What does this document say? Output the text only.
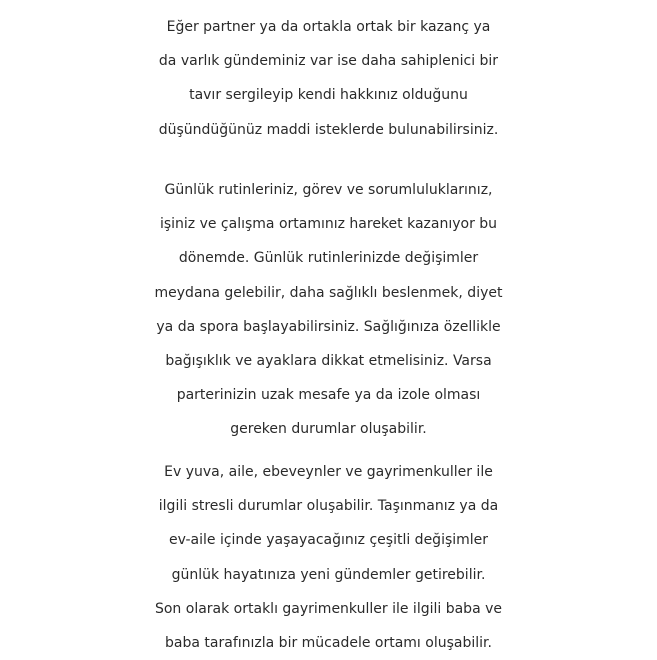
Eğer partner ya da ortakla ortak bir kazanç ya
da varlık gündeminiz var ise daha sahiplenici bir
tavır sergileyip kendi hakkınız olduğunu
düşündüğünüz maddi isteklerde bulunabilirsiniz.
Günlük rutinleriniz, görev ve sorumluluklarınız,
işiniz ve çalışma ortamınız hareket kazanıyor bu
dönemde. Günlük rutinlerinizde değişimler
meydana gelebilir, daha sağlıklı beslenmek, diyet
ya da spora başlayabilirsiniz. Sağlığınıza özellikle
bağışıklık ve ayaklara dikkat etmelisiniz. Varsa
parterinizin uzak mesafe ya da izole olması
gereken durumlar oluşabilir.
Ev yuva, aile, ebeveynler ve gayrimenkuller ile
ilgili stresli durumlar oluşabilir. Taşınmanız ya da
ev-aile içinde yaşayacağınız çeşitli değişimler
günlük hayatınıza yeni gündemler getirebilir.
Son olarak ortaklı gayrimenkuller ile ilgili baba ve
baba tarafınızla bir mücadele ortamı oluşabilir.
